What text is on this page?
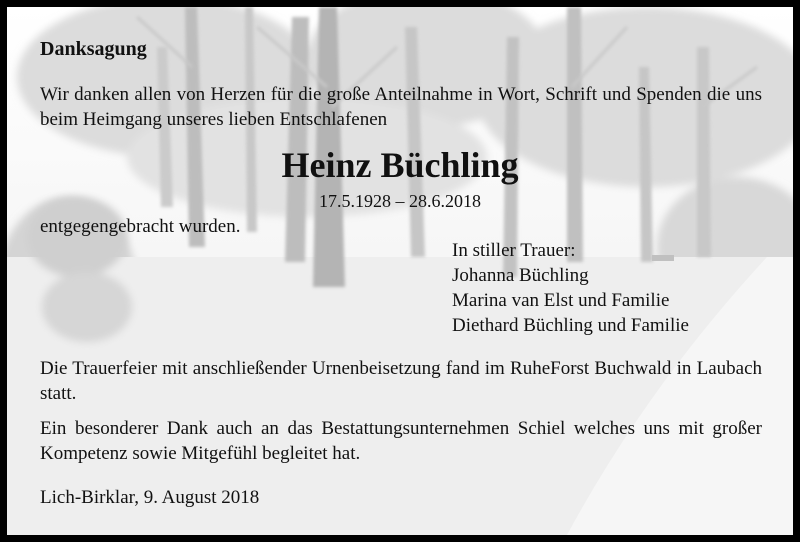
Danksagung
Wir danken allen von Herzen für die große Anteilnahme in Wort, Schrift und Spenden die uns beim Heimgang unseres lieben Entschlafenen
Heinz Büchling
17.5.1928 – 28.6.2018
entgegengebracht wurden.
In stiller Trauer:
Johanna Büchling
Marina van Elst und Familie
Diethard Büchling und Familie
Die Trauerfeier mit anschließender Urnenbeisetzung fand im RuheForst Buchwald in Laubach statt.
Ein besonderer Dank auch an das Bestattungsunternehmen Schiel welches uns mit großer Kompetenz sowie Mitgefühl begleitet hat.
Lich-Birklar, 9. August 2018
